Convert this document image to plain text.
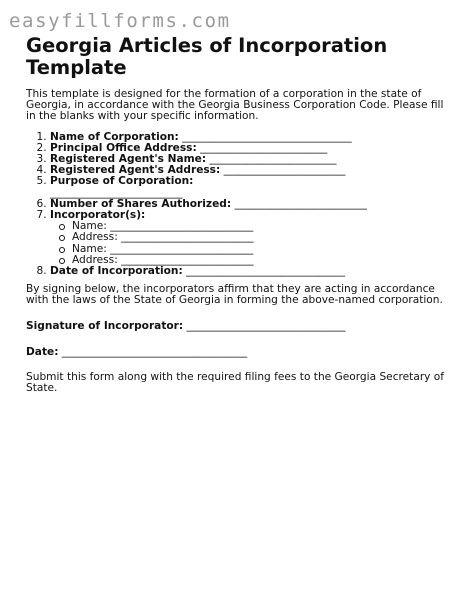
easyfillforms.com
Georgia Articles of Incorporation Template

This template is designed for the formation of a corporation in the state of Georgia, in accordance with the Georgia Business Corporation Code. Please fill in the blanks with your specific information.

1. Name of Corporation: ________________________________
2. Principal Office Address: ________________________
3. Registered Agent's Name: ________________________
4. Registered Agent's Address: _______________________
5. Purpose of Corporation:
_________________________
6. Number of Shares Authorized: _________________________
7. Incorporator(s):
Name: ___________________________
Address: _________________________
Name: ___________________________
Address: _________________________
8. Date of Incorporation: ______________________________

By signing below, the incorporators affirm that they are acting in accordance with the laws of the State of Georgia in forming the above-named corporation.

Signature of Incorporator: ______________________________

Date: ___________________________________

Submit this form along with the required filing fees to the Georgia Secretary of State.
